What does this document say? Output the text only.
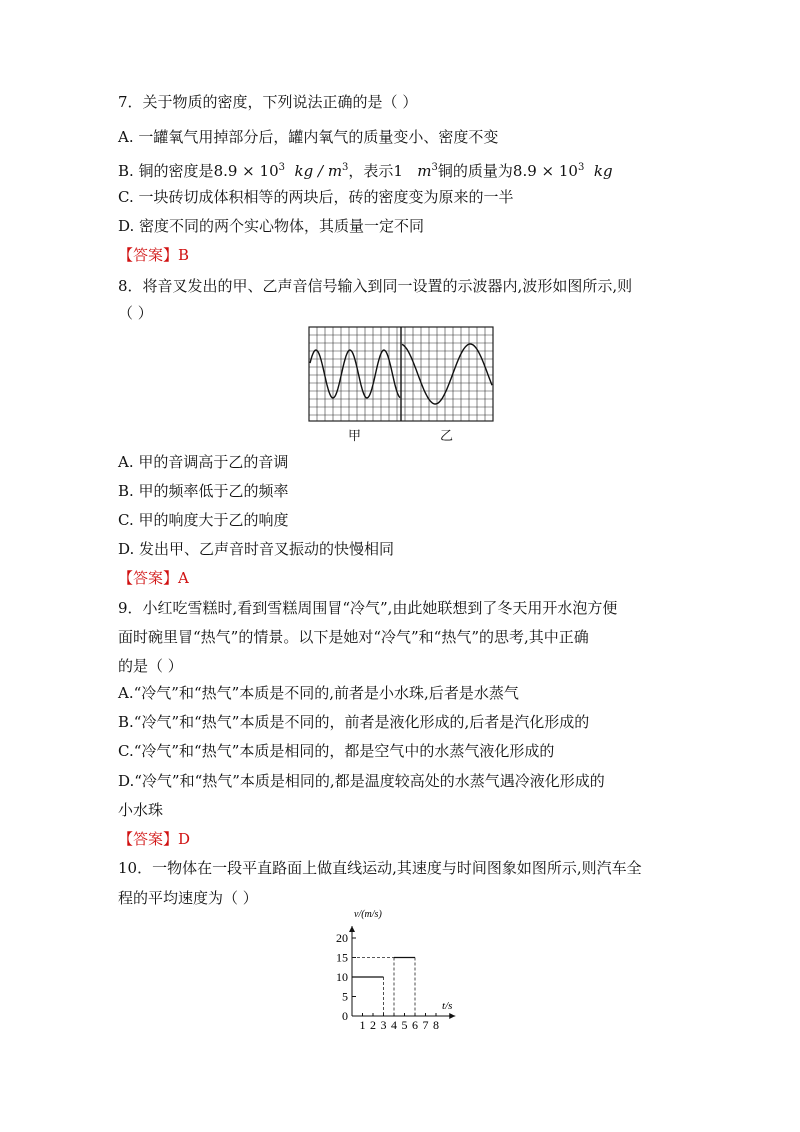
7．关于物质的密度，下列说法正确的是（ ）
A. 一罐氧气用掉部分后，罐内氧气的质量变小、密度不变
B. 铜的密度是$8.9 \times 10^3$ kg / $m^3$，表示1 $m^3$铜的质量为$8.9 \times 10^3$ kg
C. 一块砖切成体积相等的两块后，砖的密度变为原来的一半
D. 密度不同的两个实心物体，其质量一定不同
【答案】B
8．将音叉发出的甲、乙声音信号输入到同一设置的示波器内,波形如图所示,则
（ ）
甲	乙
A. 甲的音调高于乙的音调
B. 甲的频率低于乙的频率
C. 甲的响度大于乙的响度
D. 发出甲、乙声音时音叉振动的快慢相同
【答案】A
9．小红吃雪糕时,看到雪糕周围冒“冷气”,由此她联想到了冬天用开水泡方便
面时碗里冒“热气”的情景。以下是她对“冷气”和“热气”的思考,其中正确
的是（ ）
A.“冷气”和“热气”本质是不同的,前者是小水珠,后者是水蒸气
B.“冷气”和“热气”本质是不同的，前者是液化形成的,后者是汽化形成的
C.“冷气”和“热气”本质是相同的，都是空气中的水蒸气液化形成的
D.“冷气”和“热气”本质是相同的,都是温度较高处的水蒸气遇冷液化形成的
小水珠
【答案】D
10．一物体在一段平直路面上做直线运动,其速度与时间图象如图所示,则汽车全
程的平均速度为（ ）
0
5
10
15
20
1 2 3 4 5 6 7 8
v/(m/s)
t/s
